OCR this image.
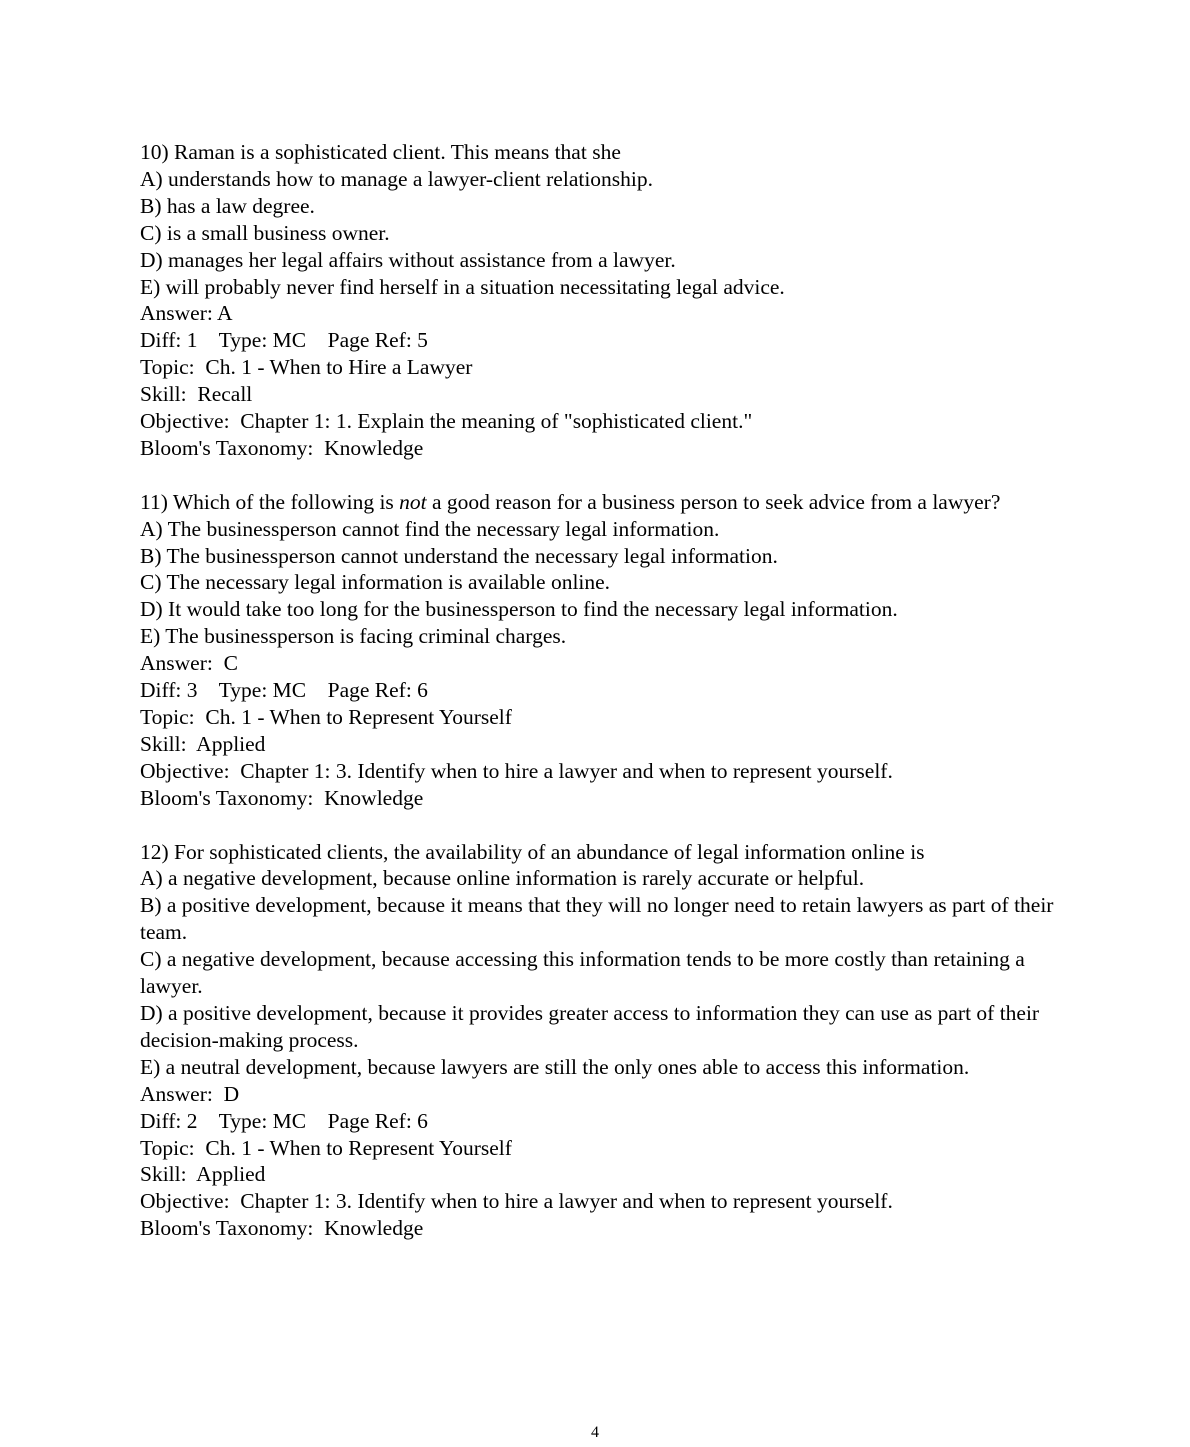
10) Raman is a sophisticated client. This means that she
A) understands how to manage a lawyer-client relationship.
B) has a law degree.
C) is a small business owner.
D) manages her legal affairs without assistance from a lawyer.
E) will probably never find herself in a situation necessitating legal advice.
Answer: A
Diff: 1    Type: MC    Page Ref: 5
Topic:  Ch. 1 - When to Hire a Lawyer
Skill:  Recall
Objective:  Chapter 1: 1. Explain the meaning of "sophisticated client."
Bloom's Taxonomy:  Knowledge
11) Which of the following is not a good reason for a business person to seek advice from a lawyer?
A) The businessperson cannot find the necessary legal information.
B) The businessperson cannot understand the necessary legal information.
C) The necessary legal information is available online.
D) It would take too long for the businessperson to find the necessary legal information.
E) The businessperson is facing criminal charges.
Answer:  C
Diff: 3    Type: MC    Page Ref: 6
Topic:  Ch. 1 - When to Represent Yourself
Skill:  Applied
Objective:  Chapter 1: 3. Identify when to hire a lawyer and when to represent yourself.
Bloom's Taxonomy:  Knowledge
12) For sophisticated clients, the availability of an abundance of legal information online is
A) a negative development, because online information is rarely accurate or helpful.
B) a positive development, because it means that they will no longer need to retain lawyers as part of their team.
C) a negative development, because accessing this information tends to be more costly than retaining a lawyer.
D) a positive development, because it provides greater access to information they can use as part of their decision-making process.
E) a neutral development, because lawyers are still the only ones able to access this information.
Answer:  D
Diff: 2    Type: MC    Page Ref: 6
Topic:  Ch. 1 - When to Represent Yourself
Skill:  Applied
Objective:  Chapter 1: 3. Identify when to hire a lawyer and when to represent yourself.
Bloom's Taxonomy:  Knowledge
4
